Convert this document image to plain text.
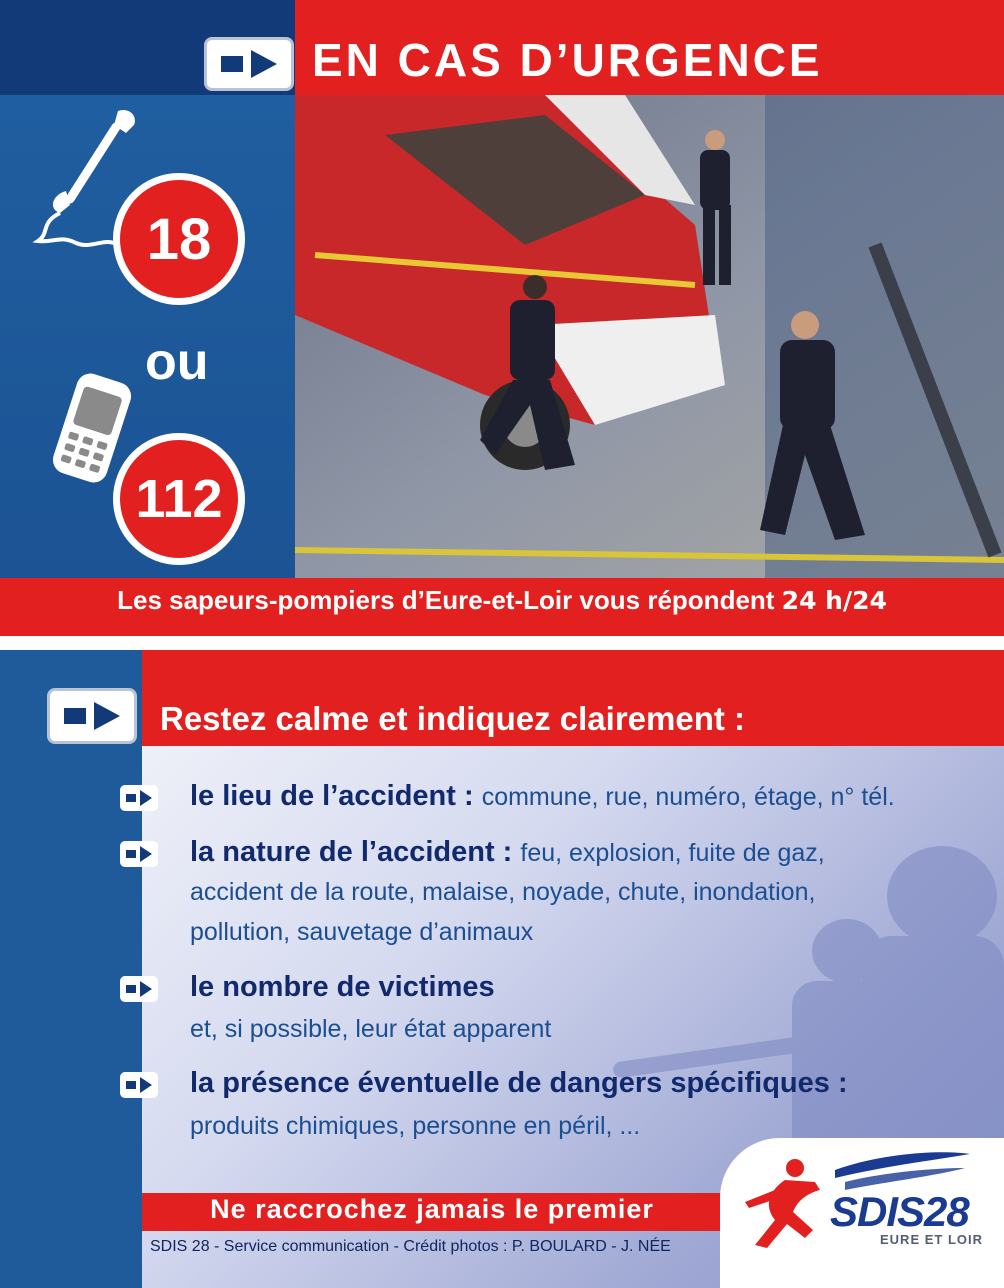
EN CAS D’URGENCE
18
ou
112
Les sapeurs-pompiers d’Eure-et-Loir vous répondent 24 h/24
Restez calme et indiquez clairement :
le lieu de l’accident : commune, rue, numéro, étage, n° tél.
la nature de l’accident : feu, explosion, fuite de gaz,
accident de la route, malaise, noyade, chute, inondation,
pollution, sauvetage d’animaux
le nombre de victimes
et, si possible, leur état apparent
la présence éventuelle de dangers spécifiques :
produits chimiques, personne en péril, ...
Ne raccrochez jamais le premier
SDIS 28 - Service communication - Crédit photos : P. BOULARD - J. NÉE
SDIS28
EURE ET LOIR
